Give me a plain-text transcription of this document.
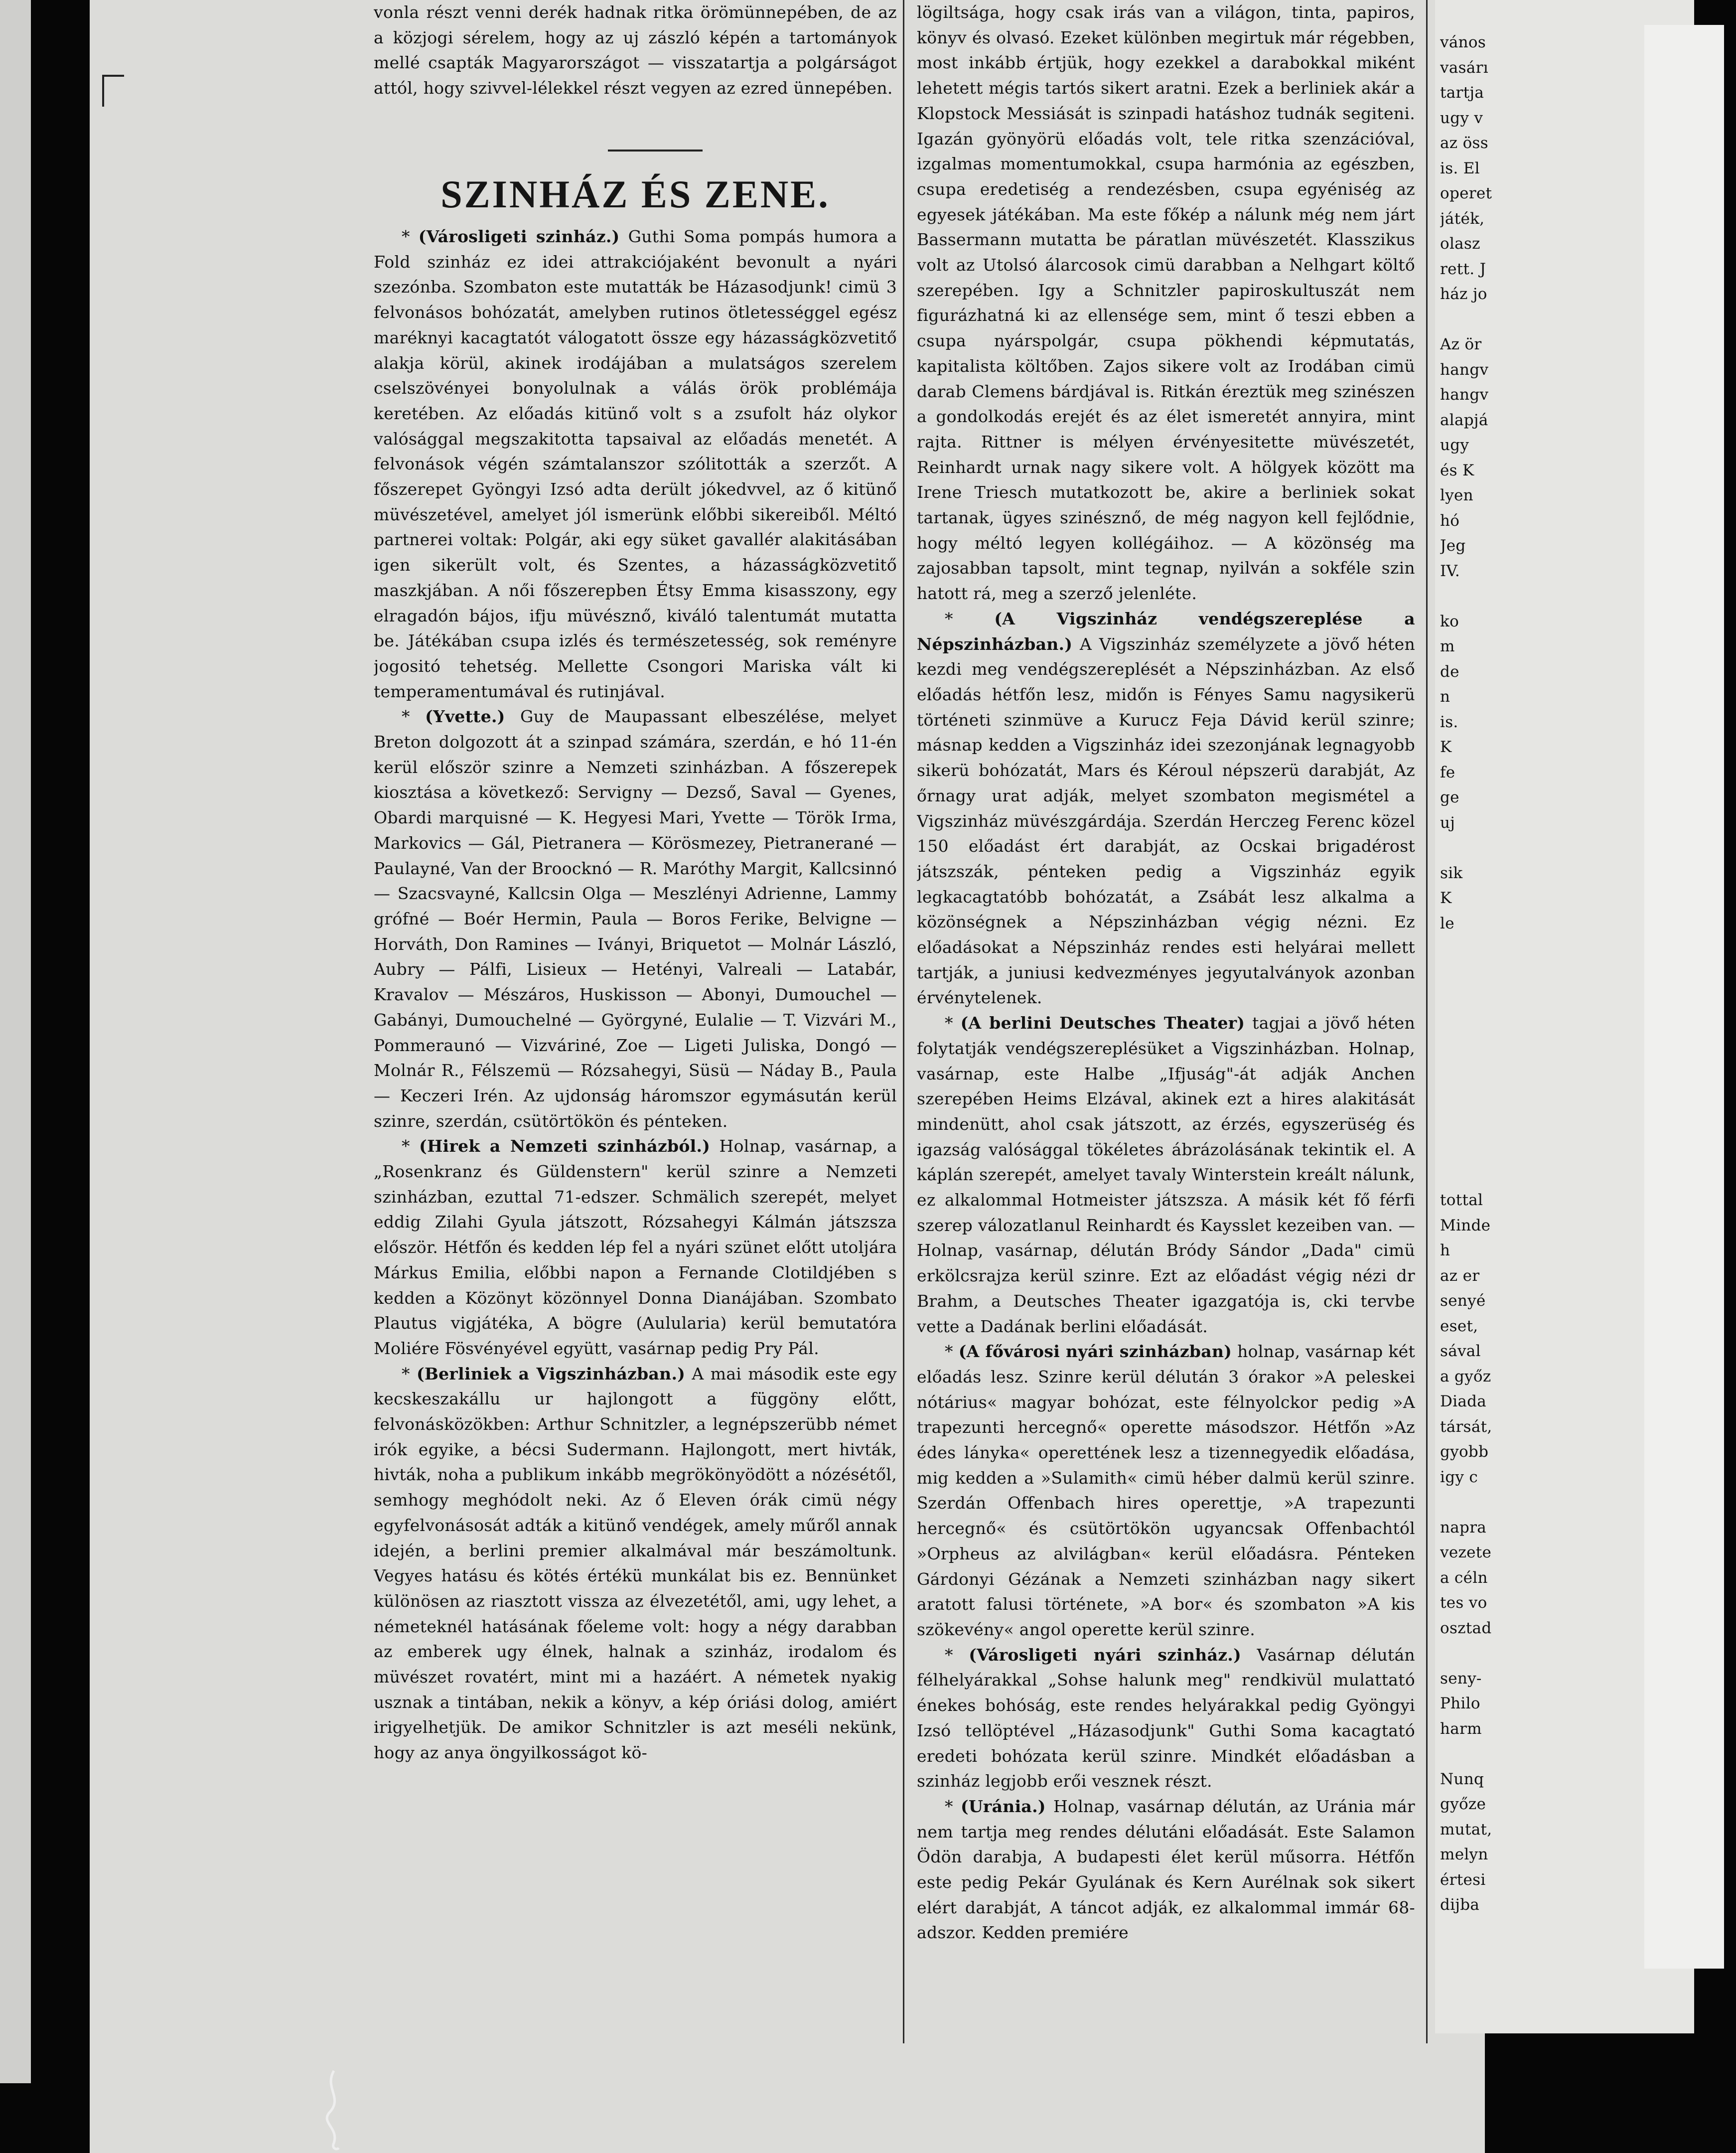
vonla részt venni derék hadnak ritka örömünnepében, de az a közjogi sérelem, hogy az uj zászló képén a tartományok mellé csapták Magyarországot — visszatartja a polgárságot attól, hogy szivvel-lélekkel részt vegyen az ezred ünnepében.

SZINHÁZ ÉS ZENE.

* (Városligeti szinház.) Guthi Soma pompás humora a Fold szinház ez idei attrakciójaként bevonult a nyári szezónba. Szombaton este mutatták be Házasodjunk! cimü 3 felvonásos bohózatát, amelyben rutinos ötletességgel egész maréknyi kacagtatót válogatott össze egy házasságközvetitő alakja körül, akinek irodájában a mulatságos szerelem cselszövényei bonyolulnak a válás örök problémája keretében. Az előadás kitünő volt s a zsufolt ház olykor valósággal megszakitotta tapsaival az előadás menetét. A felvonások végén számtalanszor szólitották a szerzőt. A főszerepet Gyöngyi Izsó adta derült jókedvvel, az ő kitünő müvészetével, amelyet jól ismerünk előbbi sikereiből. Méltó partnerei voltak: Polgár, aki egy süket gavallér alakitásában igen sikerült volt, és Szentes, a házasságközvetitő maszkjában. A női főszerepben Étsy Emma kisasszony, egy elragadón bájos, ifju müvésznő, kiváló talentumát mutatta be. Játékában csupa izlés és természetesség, sok reményre jogositó tehetség. Mellette Csongori Mariska vált ki temperamentumával és rutinjával.

* (Yvette.) Guy de Maupassant elbeszélése, melyet Breton dolgozott át a szinpad számára, szerdán, e hó 11-én kerül először szinre a Nemzeti szinházban. A főszerepek kiosztása a következő: Servigny — Dezső, Saval — Gyenes, Obardi marquisné — K. Hegyesi Mari, Yvette — Török Irma, Markovics — Gál, Pietranera — Körösmezey, Pietranerané — Paulayné, Van der Broocknó — R. Maróthy Margit, Kallcsinnó — Szacsvayné, Kallcsin Olga — Meszlényi Adrienne, Lammy grófné — Boér Hermin, Paula — Boros Ferike, Belvigne — Horváth, Don Ramines — Iványi, Briquetot — Molnár László, Aubry — Pálfi, Lisieux — Hetényi, Valreali — Latabár, Kravalov — Mészáros, Huskisson — Abonyi, Dumouchel — Gabányi, Dumouchelné — Györgyné, Eulalie — T. Vizvári M., Pommeraunó — Vizváriné, Zoe — Ligeti Juliska, Dongó — Molnár R., Félszemü — Rózsahegyi, Süsü — Náday B., Paula — Keczeri Irén. Az ujdonság háromszor egymásután kerül szinre, szerdán, csütörtökön és pénteken.

* (Hirek a Nemzeti szinházból.) Holnap, vasárnap, a „Rosenkranz és Güldenstern" kerül szinre a Nemzeti szinházban, ezuttal 71-edszer. Schmälich szerepét, melyet eddig Zilahi Gyula játszott, Rózsahegyi Kálmán játszsza először. Hétfőn és kedden lép fel a nyári szünet előtt utoljára Márkus Emilia, előbbi napon a Fernande Clotildjében s kedden a Közönyt közönnyel Donna Dianájában. Szombato Plautus vigjátéka, A bögre (Aulularia) kerül bemutatóra Moliére Fösvényével együtt, vasárnap pedig Pry Pál.

* (Berliniek a Vigszinházban.) A mai második este egy kecskeszakállu ur hajlongott a függöny előtt, felvonásközökben: Arthur Schnitzler, a legnépszerübb német irók egyike, a bécsi Sudermann. Hajlongott, mert hivták, hivták, noha a publikum inkább megrökönyödött a nózésétől, semhogy meghódolt neki. Az ő Eleven órák cimü négy egyfelvonásosát adták a kitünő vendégek, amely műről annak idején, a berlini premier alkalmával már beszámoltunk. Vegyes hatásu és kötés értékü munkálat bis ez. Bennünket különösen az riasztott vissza az élvezetétől, ami, ugy lehet, a németeknél hatásának főeleme volt: hogy a négy darabban az emberek ugy élnek, halnak a szinház, irodalom és müvészet rovatért, mint mi a hazáért. A németek nyakig usznak a tintában, nekik a könyv, a kép óriási dolog, amiért irigyelhetjük. De amikor Schnitzler is azt meséli nekünk, hogy az anya öngyilkosságot kö-

lögiltsága, hogy csak irás van a világon, tinta, papiros, könyv és olvasó. Ezeket különben megirtuk már régebben, most inkább értjük, hogy ezekkel a darabokkal miként lehetett mégis tartós sikert aratni. Ezek a berliniek akár a Klopstock Messiását is szinpadi hatáshoz tudnák segiteni. Igazán gyönyörü előadás volt, tele ritka szenzációval, izgalmas momentumokkal, csupa harmónia az egészben, csupa eredetiség a rendezésben, csupa egyéniség az egyesek játékában. Ma este főkép a nálunk még nem járt Bassermann mutatta be páratlan müvészetét. Klasszikus volt az Utolsó álarcosok cimü darabban a Nelhgart költő szerepében. Igy a Schnitzler papiroskultuszát nem figurázhatná ki az ellensége sem, mint ő teszi ebben a csupa nyárspolgár, csupa pökhendi képmutatás, kapitalista költőben. Zajos sikere volt az Irodában cimü darab Clemens bárdjával is. Ritkán éreztük meg szinészen a gondolkodás erejét és az élet ismeretét annyira, mint rajta. Rittner is mélyen érvényesitette müvészetét, Reinhardt urnak nagy sikere volt. A hölgyek között ma Irene Triesch mutatkozott be, akire a berliniek sokat tartanak, ügyes szinésznő, de még nagyon kell fejlődnie, hogy méltó legyen kollégáihoz. — A közönség ma zajosabban tapsolt, mint tegnap, nyilván a sokféle szin hatott rá, meg a szerző jelenléte.

* (A Vigszinház vendégszereplése a Népszinházban.) A Vigszinház személyzete a jövő héten kezdi meg vendégszereplését a Népszinházban. Az első előadás hétfőn lesz, midőn is Fényes Samu nagysikerü történeti szinmüve a Kurucz Feja Dávid kerül szinre; másnap kedden a Vigszinház idei szezonjának legnagyobb sikerü bohózatát, Mars és Kéroul népszerü darabját, Az őrnagy urat adják, melyet szombaton megismétel a Vigszinház müvészgárdája. Szerdán Herczeg Ferenc közel 150 előadást ért darabját, az Ocskai brigadérost játszszák, pénteken pedig a Vigszinház egyik legkacagtatóbb bohózatát, a Zsábát lesz alkalma a közönségnek a Népszinházban végig nézni. Ez előadásokat a Népszinház rendes esti helyárai mellett tartják, a juniusi kedvezményes jegyutalványok azonban érvénytelenek.

* (A berlini Deutsches Theater) tagjai a jövő héten folytatják vendégszereplésüket a Vigszinházban. Holnap, vasárnap, este Halbe „Ifjuság"-át adják Anchen szerepében Heims Elzával, akinek ezt a hires alakitását mindenütt, ahol csak játszott, az érzés, egyszerüség és igazság valósággal tökéletes ábrázolásának tekintik el. A káplán szerepét, amelyet tavaly Winterstein kreált nálunk, ez alkalommal Hotmeister játszsza. A másik két fő férfi szerep válozatlanul Reinhardt és Kaysslet kezeiben van. — Holnap, vasárnap, délután Bródy Sándor „Dada" cimü erkölcsrajza kerül szinre. Ezt az előadást végig nézi dr Brahm, a Deutsches Theater igazgatója is, cki tervbe vette a Dadának berlini előadását.

* (A fővárosi nyári szinházban) holnap, vasárnap két előadás lesz. Szinre kerül délután 3 órakor »A peleskei nótárius« magyar bohózat, este félnyolckor pedig »A trapezunti hercegnő« operette másodszor. Hétfőn »Az édes lányka« operettének lesz a tizennegyedik előadása, mig kedden a »Sulamith« cimü héber dalmü kerül szinre. Szerdán Offenbach hires operettje, »A trapezunti hercegnő« és csütörtökön ugyancsak Offenbachtól »Orpheus az alvilágban« kerül előadásra. Pénteken Gárdonyi Gézának a Nemzeti szinházban nagy sikert aratott falusi története, »A bor« és szombaton »A kis szökevény« angol operette kerül szinre.

* (Városligeti nyári szinház.) Vasárnap délután félhelyárakkal „Sohse halunk meg" rendkivül mulattató énekes bohóság, este rendes helyárakkal pedig Gyöngyi Izsó tellöptével „Házasodjunk" Guthi Soma kacagtató eredeti bohózata kerül szinre. Mindkét előadásban a szinház legjobb erői vesznek részt.

* (Uránia.) Holnap, vasárnap délután, az Uránia már nem tartja meg rendes délutáni előadását. Este Salamon Ödön darabja, A budapesti élet kerül műsorra. Hétfőn este pedig Pekár Gyulának és Kern Aurélnak sok sikert elért darabját, A táncot adják, ez alkalommal immár 68-adszor. Kedden premiére

vános

vasárı

tartja

ugy v

az öss

is. El

operet

játék,

olasz

rett. J

ház jo

Az ör

hangv

hangv

alapjá

ugy

és K

lyen

hó

Jeg

IV.

ko

m

de

n

is.

K

fe

ge

uj

sik

K

le

tottal

Minde

h

az er

senyé

eset,

sával

a győz

Diada

társát,

gyobb

igy c

napra

vezete

a céln

tes vo

osztad

seny-

Philo

harm

Nunq

győze

mutat,

melyn

értesi

dijba
